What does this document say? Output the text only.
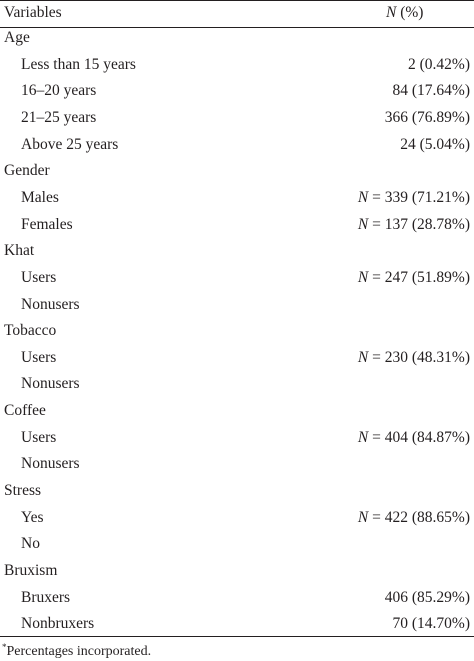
Variables	N (%)
Age
Less than 15 years	2 (0.42%)
16–20 years	84 (17.64%)
21–25 years	366 (76.89%)
Above 25 years	24 (5.04%)
Gender
Males	N = 339 (71.21%)
Females	N = 137 (28.78%)
Khat
Users	N = 247 (51.89%)
Nonusers
Tobacco
Users	N = 230 (48.31%)
Nonusers
Coffee
Users	N = 404 (84.87%)
Nonusers
Stress
Yes	N = 422 (88.65%)
No
Bruxism
Bruxers	406 (85.29%)
Nonbruxers	70 (14.70%)
*Percentages incorporated.
